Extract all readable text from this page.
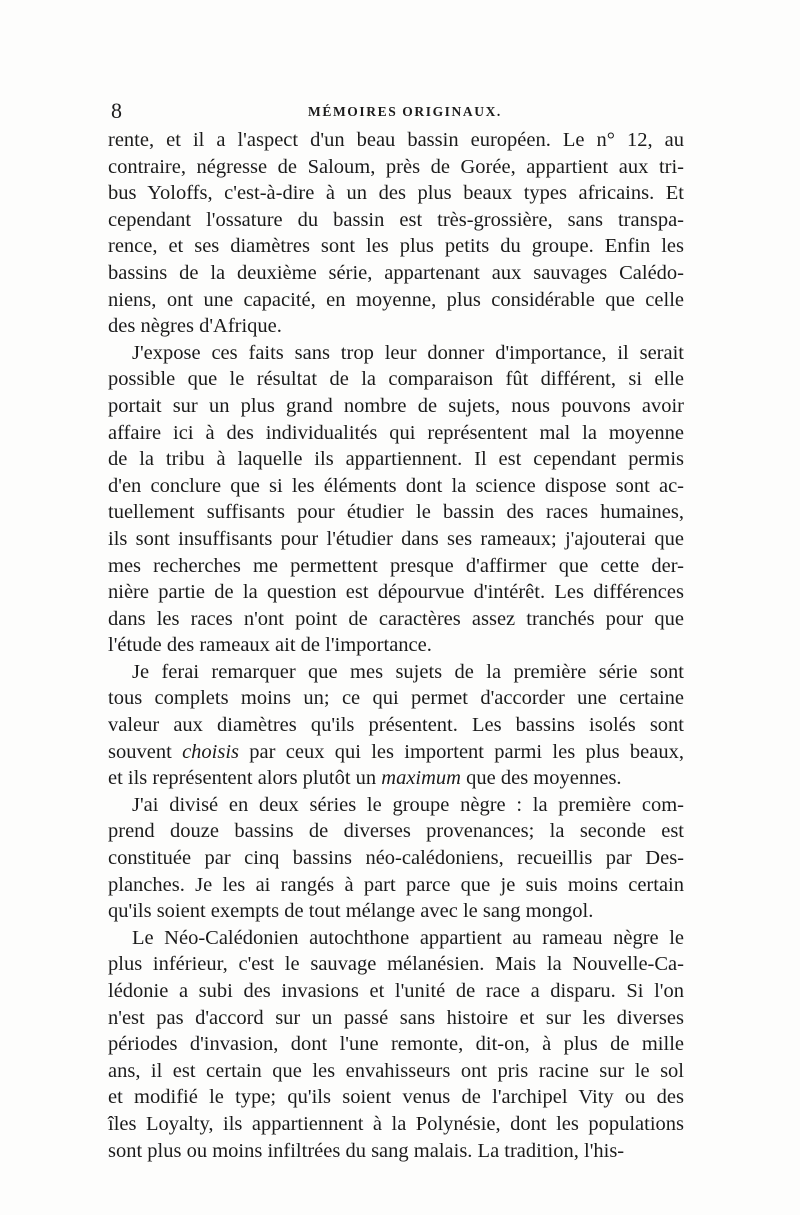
8	MÉMOIRES ORIGINAUX.
rente, et il a l'aspect d'un beau bassin européen. Le n° 12, au
contraire, négresse de Saloum, près de Gorée, appartient aux tri-
bus Yoloffs, c'est-à-dire à un des plus beaux types africains. Et
cependant l'ossature du bassin est très-grossière, sans transpa-
rence, et ses diamètres sont les plus petits du groupe. Enfin les
bassins de la deuxième série, appartenant aux sauvages Calédo-
niens, ont une capacité, en moyenne, plus considérable que celle
des nègres d'Afrique.
J'expose ces faits sans trop leur donner d'importance, il serait
possible que le résultat de la comparaison fût différent, si elle
portait sur un plus grand nombre de sujets, nous pouvons avoir
affaire ici à des individualités qui représentent mal la moyenne
de la tribu à laquelle ils appartiennent. Il est cependant permis
d'en conclure que si les éléments dont la science dispose sont ac-
tuellement suffisants pour étudier le bassin des races humaines,
ils sont insuffisants pour l'étudier dans ses rameaux; j'ajouterai que
mes recherches me permettent presque d'affirmer que cette der-
nière partie de la question est dépourvue d'intérêt. Les différences
dans les races n'ont point de caractères assez tranchés pour que
l'étude des rameaux ait de l'importance.
Je ferai remarquer que mes sujets de la première série sont
tous complets moins un; ce qui permet d'accorder une certaine
valeur aux diamètres qu'ils présentent. Les bassins isolés sont
souvent choisis par ceux qui les importent parmi les plus beaux,
et ils représentent alors plutôt un maximum que des moyennes.
J'ai divisé en deux séries le groupe nègre : la première com-
prend douze bassins de diverses provenances; la seconde est
constituée par cinq bassins néo-calédoniens, recueillis par Des-
planches. Je les ai rangés à part parce que je suis moins certain
qu'ils soient exempts de tout mélange avec le sang mongol.
Le Néo-Calédonien autochthone appartient au rameau nègre le
plus inférieur, c'est le sauvage mélanésien. Mais la Nouvelle-Ca-
lédonie a subi des invasions et l'unité de race a disparu. Si l'on
n'est pas d'accord sur un passé sans histoire et sur les diverses
périodes d'invasion, dont l'une remonte, dit-on, à plus de mille
ans, il est certain que les envahisseurs ont pris racine sur le sol
et modifié le type; qu'ils soient venus de l'archipel Vity ou des
îles Loyalty, ils appartiennent à la Polynésie, dont les populations
sont plus ou moins infiltrées du sang malais. La tradition, l'his-
